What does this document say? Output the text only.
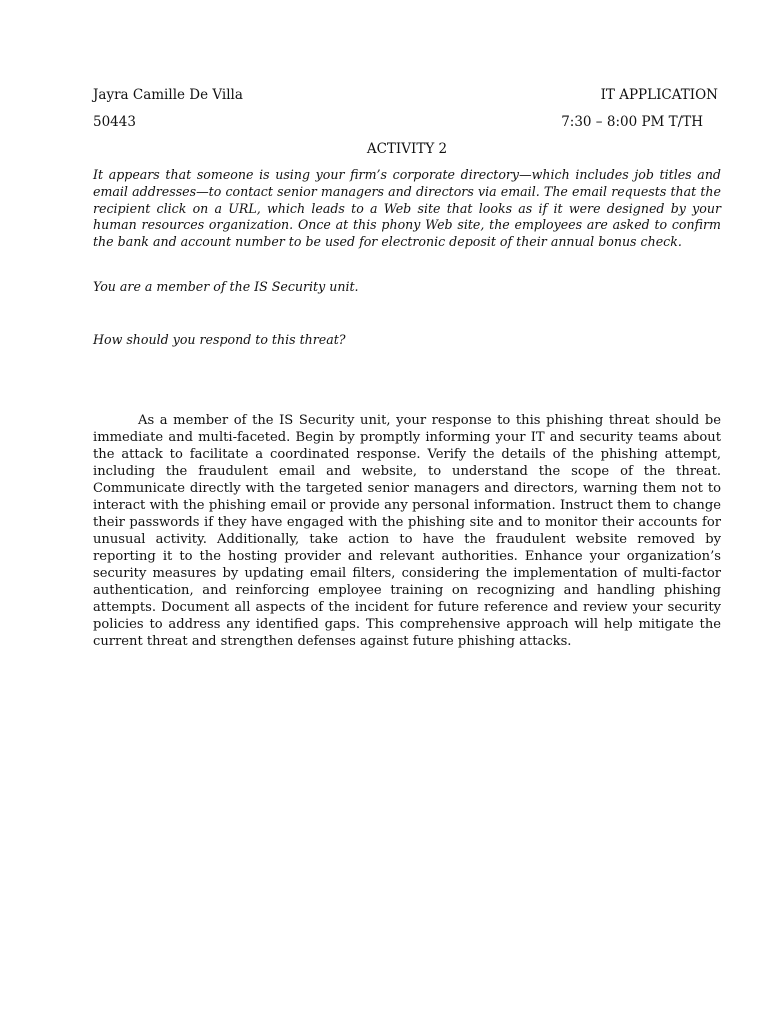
Jayra Camille De Villa	IT APPLICATION
50443	7:30 – 8:00 PM T/TH
ACTIVITY 2

It appears that someone is using your firm’s corporate directory—which includes job titles and email addresses—to contact senior managers and directors via email. The email requests that the recipient click on a URL, which leads to a Web site that looks as if it were designed by your human resources organization. Once at this phony Web site, the employees are asked to confirm the bank and account number to be used for electronic deposit of their annual bonus check.

You are a member of the IS Security unit.

How should you respond to this threat?

As a member of the IS Security unit, your response to this phishing threat should be immediate and multi-faceted. Begin by promptly informing your IT and security teams about the attack to facilitate a coordinated response. Verify the details of the phishing attempt, including the fraudulent email and website, to understand the scope of the threat. Communicate directly with the targeted senior managers and directors, warning them not to interact with the phishing email or provide any personal information. Instruct them to change their passwords if they have engaged with the phishing site and to monitor their accounts for unusual activity. Additionally, take action to have the fraudulent website removed by reporting it to the hosting provider and relevant authorities. Enhance your organization’s security measures by updating email filters, considering the implementation of multi-factor authentication, and reinforcing employee training on recognizing and handling phishing attempts. Document all aspects of the incident for future reference and review your security policies to address any identified gaps. This comprehensive approach will help mitigate the current threat and strengthen defenses against future phishing attacks.
